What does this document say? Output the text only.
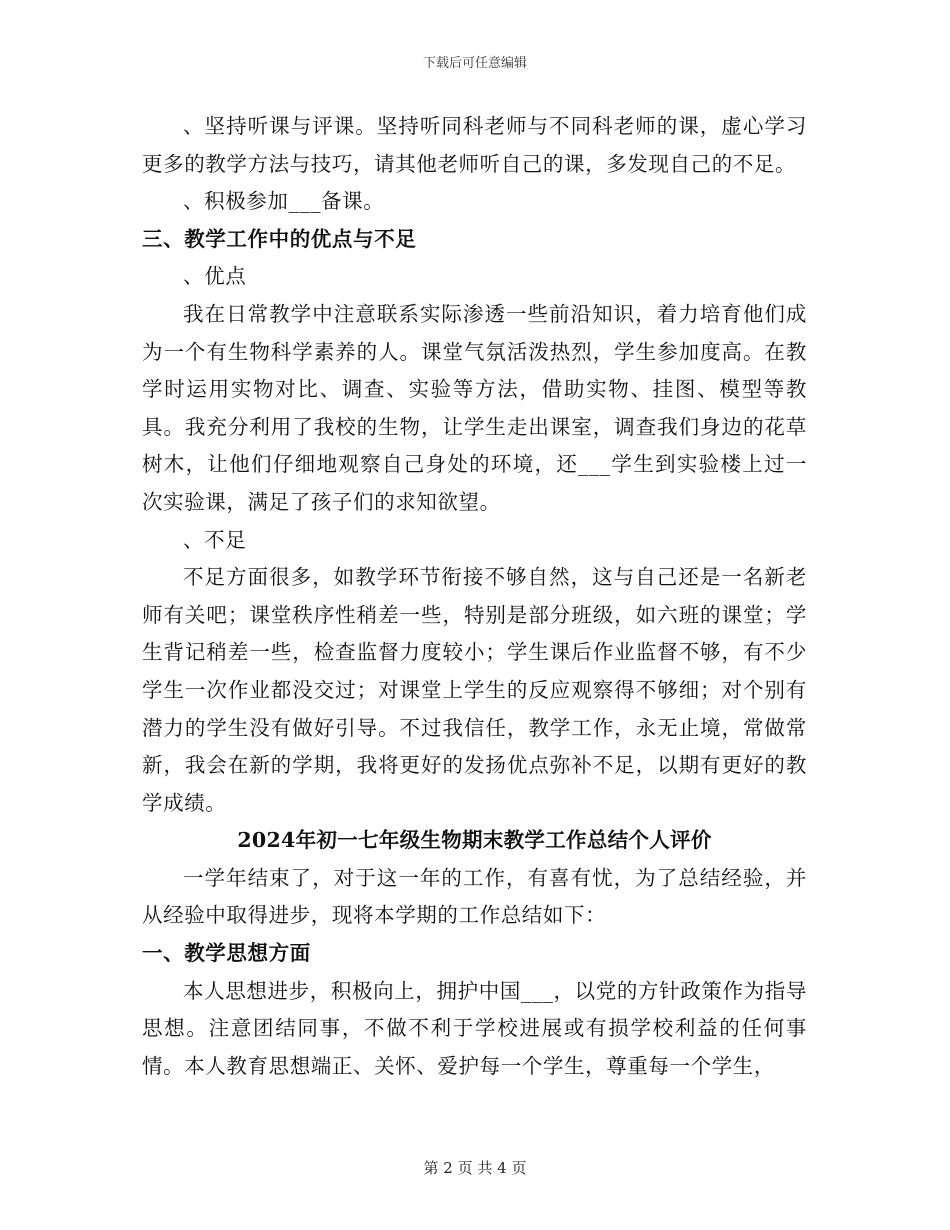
下载后可任意编辑

、坚持听课与评课。坚持听同科老师与不同科老师的课，虚心学习更多的教学方法与技巧，请其他老师听自己的课，多发现自己的不足。

、积极参加___备课。

三、教学工作中的优点与不足

、优点

我在日常教学中注意联系实际渗透一些前沿知识，着力培育他们成为一个有生物科学素养的人。课堂气氛活泼热烈，学生参加度高。在教学时运用实物对比、调查、实验等方法，借助实物、挂图、模型等教具。我充分利用了我校的生物，让学生走出课室，调查我们身边的花草树木，让他们仔细地观察自己身处的环境，还___学生到实验楼上过一次实验课，满足了孩子们的求知欲望。

、不足

不足方面很多，如教学环节衔接不够自然，这与自己还是一名新老师有关吧；课堂秩序性稍差一些，特别是部分班级，如六班的课堂；学生背记稍差一些，检查监督力度较小；学生课后作业监督不够，有不少学生一次作业都没交过；对课堂上学生的反应观察得不够细；对个别有潜力的学生没有做好引导。不过我信任，教学工作，永无止境，常做常新，我会在新的学期，我将更好的发扬优点弥补不足，以期有更好的教学成绩。

2024年初一七年级生物期末教学工作总结个人评价

一学年结束了，对于这一年的工作，有喜有忧，为了总结经验，并从经验中取得进步，现将本学期的工作总结如下：

一、教学思想方面

本人思想进步，积极向上，拥护中国___，以党的方针政策作为指导思想。注意团结同事，不做不利于学校进展或有损学校利益的任何事情。本人教育思想端正、关怀、爱护每一个学生，尊重每一个学生，

第 2 页 共 4 页
